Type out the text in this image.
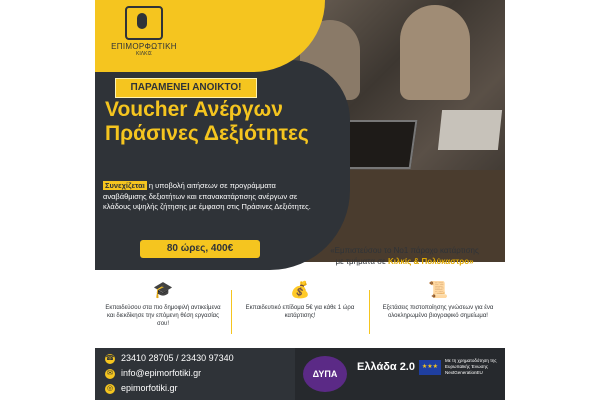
ΕΠΙΜΟΡΦΩΤΙΚΗ
ΚΙΛΚΙΣ
ΠΑΡΑΜΕΝΕΙ ΑΝΟΙΚΤΟ!
Voucher Ανέργων
Πράσινες Δεξιότητες
Συνεχίζεται η υποβολή αιτήσεων σε προγράμματα αναβάθμισης δεξιοτήτων και επανακατάρτισης ανέργων σε κλάδους υψηλής ζήτησης με έμφαση στις Πράσινες Δεξιότητες.
80 ώρες, 400€	«Εμπιστεύσου το Νο1 πάροχο κατάρτισης
με τμήματα σε Κιλκίς & Πολύκαστρο»
🎓
Εκπαιδεύσου στα πιο δημοφιλή αντικείμενα και διεκδίκησε την επόμενη θέση εργασίας σου!
💰
Εκπαιδευτικό επίδομα 5€ για κάθε 1 ώρα κατάρτισης!
📜
Εξετάσεις πιστοποίησης γνώσεων για ένα ολοκληρωμένο βιογραφικό σημείωμα!
☎ 23410 28705 / 23430 97340
✉ info@epimorfotiki.gr
◎ epimorfotiki.gr
ΔΥΠΑ
Ελλάδα 2.0	★★★
Με τη χρηματοδότηση της Ευρωπαϊκής Ένωσης NextGenerationEU
